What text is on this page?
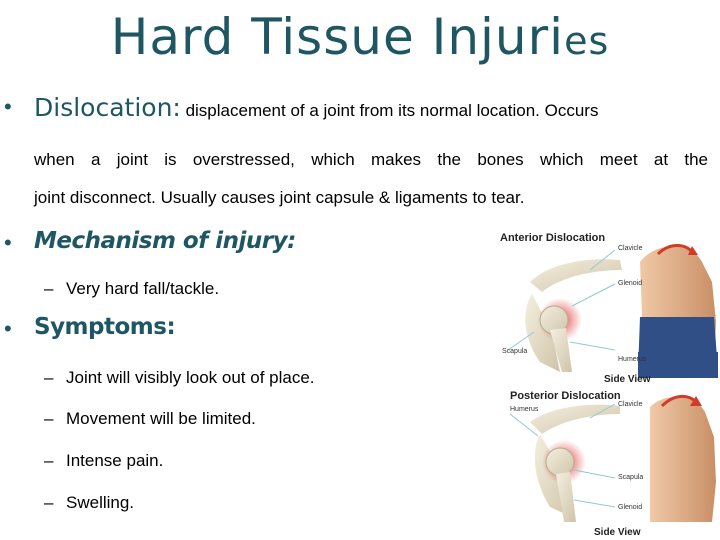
Hard Tissue Injuries
• Dislocation: displacement of a joint from its normal location. Occurs
when a joint is overstressed, which makes the bones which meet at the
joint disconnect. Usually causes joint capsule & ligaments to tear.
• Mechanism of injury:
– Very hard fall/tackle.
• Symptoms:
– Joint will visibly look out of place.
– Movement will be limited.
– Intense pain.
– Swelling.
Anterior Dislocation
Clavicle
Glenoid
Scapula
Humerus
Side View
Posterior Dislocation
Humerus
Clavicle
Scapula
Glenoid
Side View
